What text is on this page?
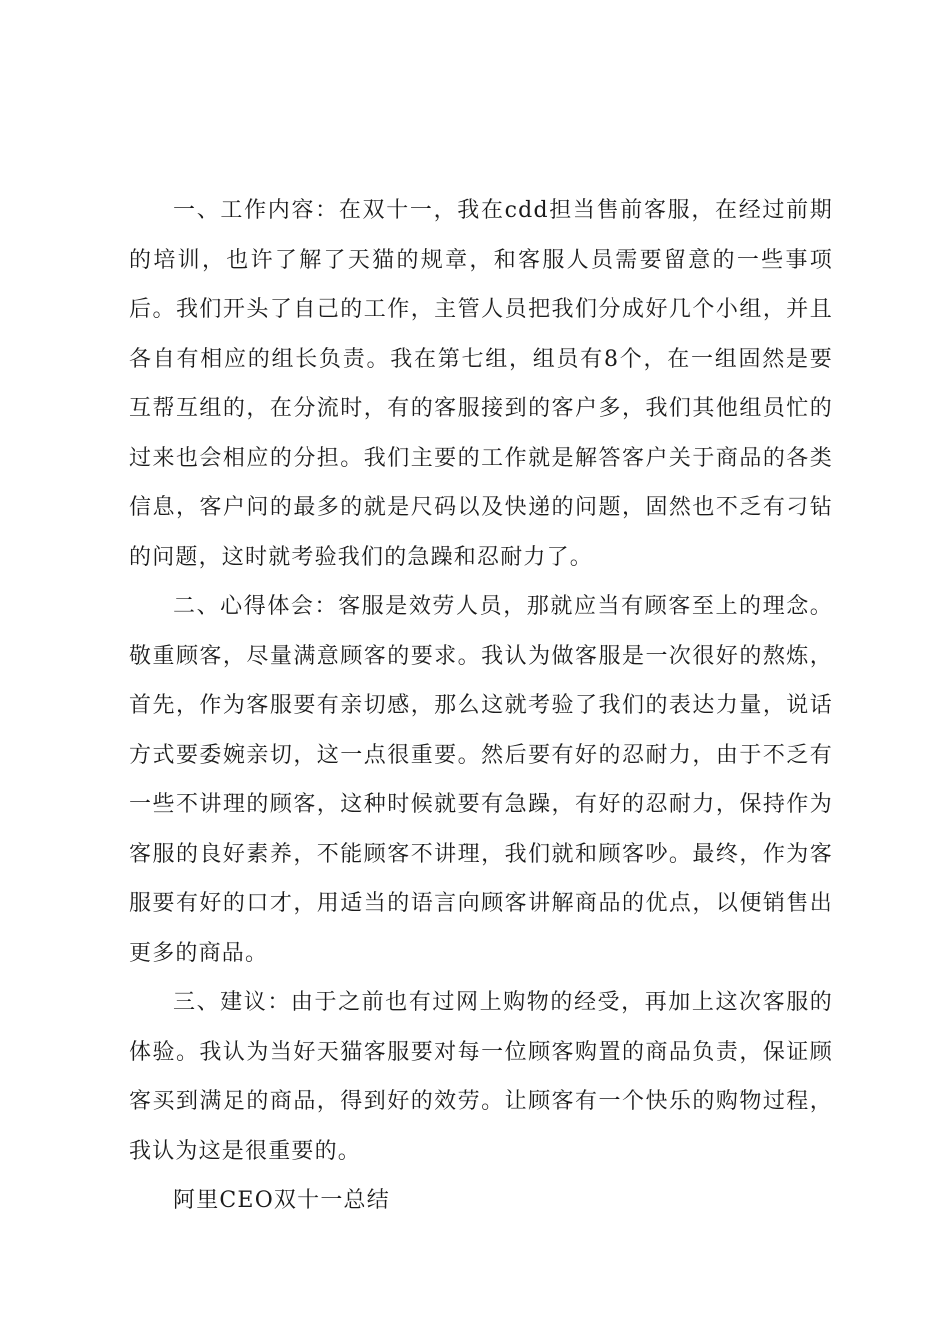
一、工作内容：在双十一，我在cdd担当售前客服，在经过前期的培训，也许了解了天猫的规章，和客服人员需要留意的一些事项后。我们开头了自己的工作，主管人员把我们分成好几个小组，并且各自有相应的组长负责。我在第七组，组员有8个，在一组固然是要互帮互组的，在分流时，有的客服接到的客户多，我们其他组员忙的过来也会相应的分担。我们主要的工作就是解答客户关于商品的各类信息，客户问的最多的就是尺码以及快递的问题，固然也不乏有刁钻的问题，这时就考验我们的急躁和忍耐力了。

二、心得体会：客服是效劳人员，那就应当有顾客至上的理念。敬重顾客，尽量满意顾客的要求。我认为做客服是一次很好的熬炼，首先，作为客服要有亲切感，那么这就考验了我们的表达力量，说话方式要委婉亲切，这一点很重要。然后要有好的忍耐力，由于不乏有一些不讲理的顾客，这种时候就要有急躁，有好的忍耐力，保持作为客服的良好素养，不能顾客不讲理，我们就和顾客吵。最终，作为客服要有好的口才，用适当的语言向顾客讲解商品的优点，以便销售出更多的商品。

三、建议：由于之前也有过网上购物的经受，再加上这次客服的体验。我认为当好天猫客服要对每一位顾客购置的商品负责，保证顾客买到满足的商品，得到好的效劳。让顾客有一个快乐的购物过程，我认为这是很重要的。

阿里CEO双十一总结
